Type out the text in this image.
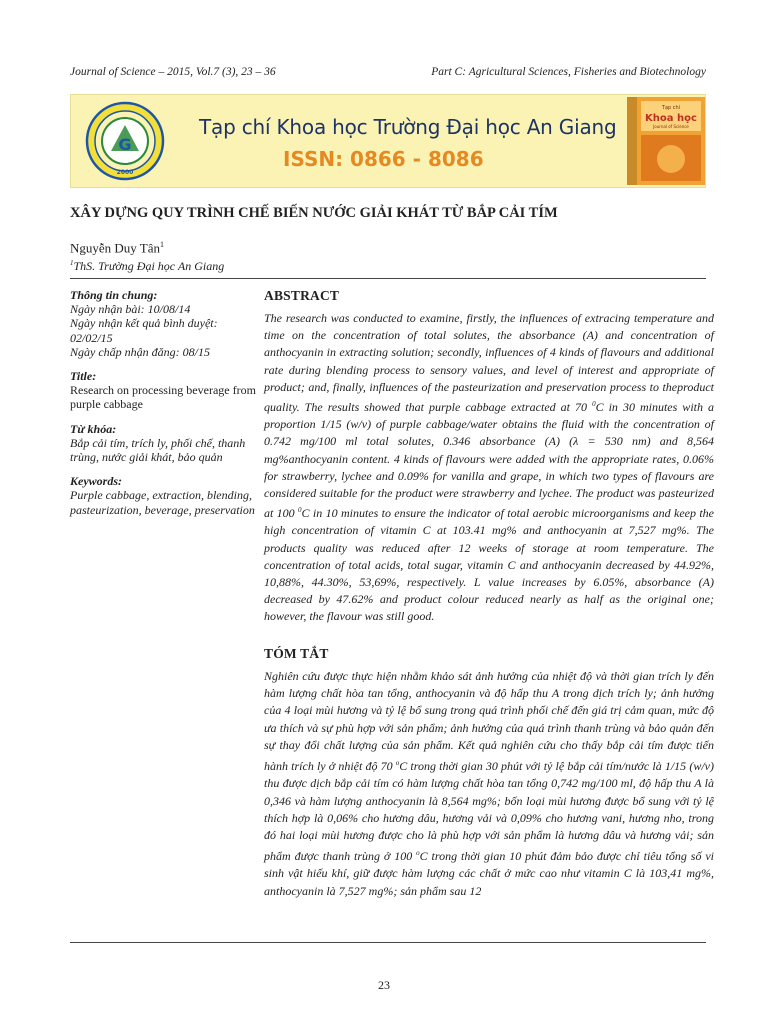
Journal of Science – 2015, Vol.7 (3), 23 – 36	Part C: Agricultural Sciences, Fisheries and Biotechnology
G
2000
Tạp chí Khoa học Trường Đại học An Giang
ISSN: 0866 - 8086
Tạp chí
Khoa học
Journal of Science
XÂY DỰNG QUY TRÌNH CHẾ BIẾN NƯỚC GIẢI KHÁT TỪ BẮP CẢI TÍM
Nguyễn Duy Tân$^1$
$^1$ThS. Trường Đại học An Giang
Thông tin chung:
Ngày nhận bài: 10/08/14
Ngày nhận kết quả bình duyệt:
02/02/15
Ngày chấp nhận đăng: 08/15
Title:
Research on processing beverage from purple cabbage
Từ khóa:
Bắp cải tím, trích ly, phối chế, thanh trùng, nước giải khát, bảo quản
Keywords:
Purple cabbage, extraction, blending, pasteurization, beverage, preservation
ABSTRACT

The research was conducted to examine, firstly, the influences of extracing temperature and time on the concentration of total solutes, the absorbance (A) and concentration of anthocyanin in extracting solution; secondly, influences of 4 kinds of flavours and additional rate during blending process to sensory values, and level of interest and appropriate of product; and, finally, influences of the pasteurization and preservation process to theproduct quality. The results showed that purple cabbage extracted at 70 $^0$C in 30 minutes with a proportion 1/15 (w/v) of purple cabbage/water obtains the fluid with the concentration of 0.742 mg/100 ml total solutes, 0.346 absorbance (A) (λ = 530 nm) and 8,564 mg%anthocyanin content. 4 kinds of flavours were added with the appropriate rates, 0.06% for strawberry, lychee and 0.09% for vanilla and grape, in which two types of flavours are considered suitable for the product were strawberry and lychee. The product was pasteurized at 100 $^0$C in 10 minutes to ensure the indicator of total aerobic microorganisms and keep the high concentration of vitamin C at 103.41 mg% and anthocyanin at 7,527 mg%. The products quality was reduced after 12 weeks of storage at room temperature. The concentration of total acids, total sugar, vitamin C and anthocyanin decreased by 44.92%, 10,88%, 44.30%, 53,69%, respectively. L value increases by 6.05%, absorbance (A) decreased by 47.62% and product colour reduced nearly as half as the original one; however, the flavour was still good.

TÓM TẮT

Nghiên cứu được thực hiện nhằm khảo sát ảnh hưởng của nhiệt độ và thời gian trích ly đến hàm lượng chất hòa tan tổng, anthocyanin và độ hấp thu A trong dịch trích ly; ảnh hưởng của 4 loại mùi hương và tỷ lệ bổ sung trong quá trình phối chế đến giá trị cảm quan, mức độ ưa thích và sự phù hợp với sản phẩm; ảnh hưởng của quá trình thanh trùng và bảo quản đến sự thay đổi chất lượng của sản phẩm. Kết quả nghiên cứu cho thấy bắp cải tím được tiến hành trích ly ở nhiệt độ 70 $^o$C trong thời gian 30 phút với tỷ lệ bắp cải tím/nước là 1/15 (w/v) thu được dịch bắp cải tím có hàm lượng chất hòa tan tổng 0,742 mg/100 ml, độ hấp thu A là 0,346 và hàm lượng anthocyanin là 8,564 mg%; bốn loại mùi hương được bổ sung với tỷ lệ thích hợp là 0,06% cho hương dâu, hương vải và 0,09% cho hương vani, hương nho, trong đó hai loại mùi hương được cho là phù hợp với sản phẩm là hương dâu và hương vải; sản phẩm được thanh trùng ở 100 $^o$C trong thời gian 10 phút đảm bảo được chỉ tiêu tổng số vi sinh vật hiếu khí, giữ được hàm lượng các chất ở mức cao như vitamin C là 103,41 mg%, anthocyanin là 7,527 mg%; sản phẩm sau 12

23
